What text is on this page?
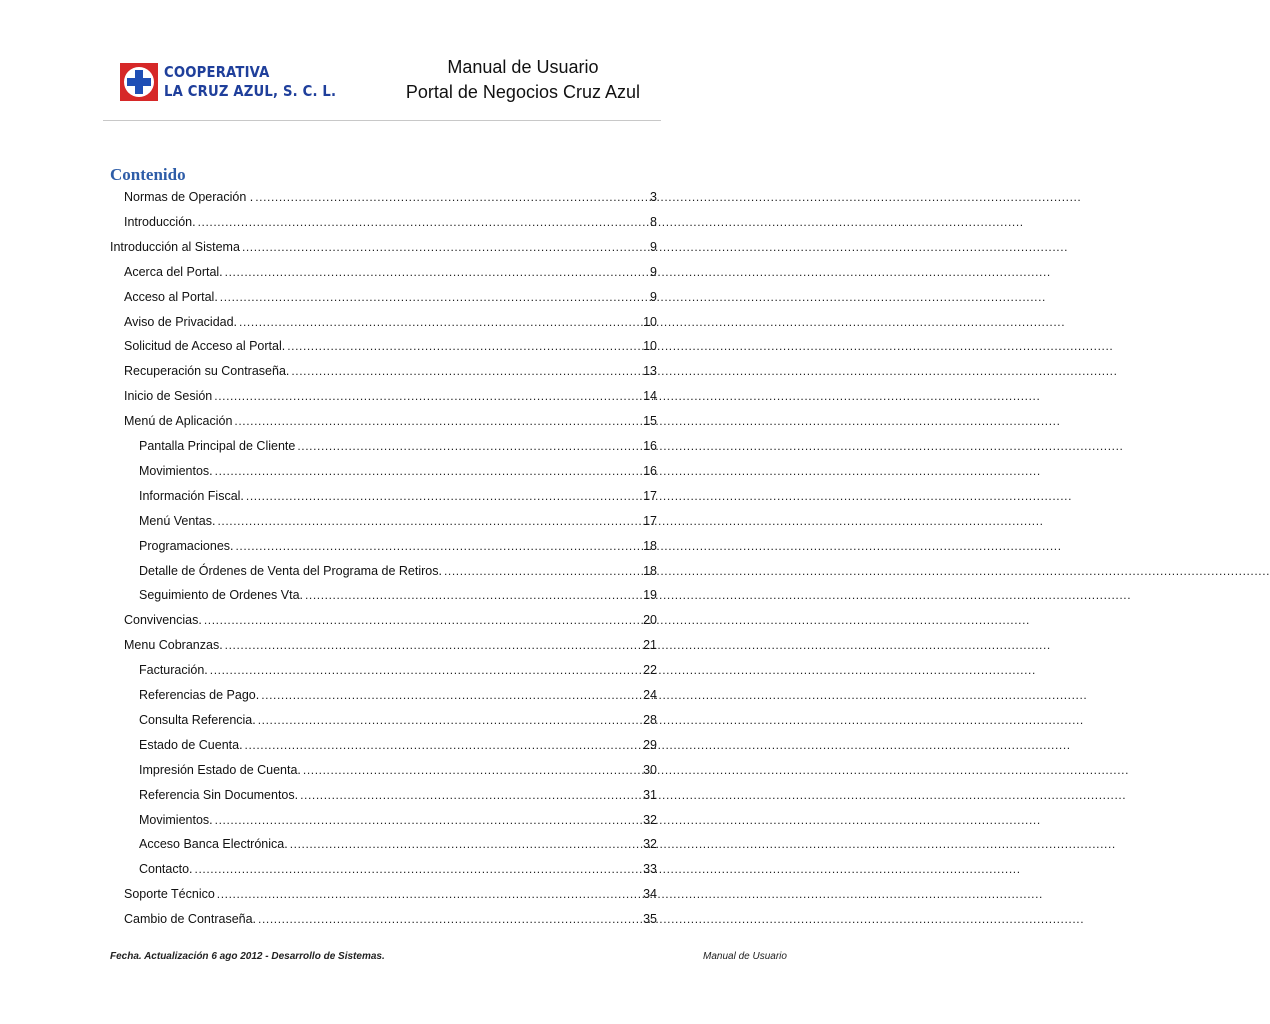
COOPERATIVA
LA CRUZ AZUL, S. C. L.
Manual de Usuario
Portal de Negocios Cruz Azul
Contenido
Normas de Operación . .....	3
Introducción. .....	8
Introducción al Sistema .....	9
Acerca del Portal. .....	9
Acceso al Portal. .....	9
Aviso de Privacidad. .....	10
Solicitud de Acceso al Portal. .....	10
Recuperación su Contraseña. .....	13
Inicio de Sesión .....	14
Menú de Aplicación .....	15
Pantalla Principal de Cliente .....	16
Movimientos. .....	16
Información Fiscal. .....	17
Menú Ventas. .....	17
Programaciones. .....	18
Detalle de Órdenes de Venta del Programa de Retiros. .....	18
Seguimiento de Ordenes Vta. .....	19
Convivencias. .....	20
Menu Cobranzas. .....	21
Facturación. .....	22
Referencias de Pago. .....	24
Consulta Referencia. .....	28
Estado de Cuenta. .....	29
Impresión Estado de Cuenta. .....	30
Referencia Sin Documentos. .....	31
Movimientos. .....	32
Acceso Banca Electrónica. .....	32
Contacto. .....	33
Soporte Técnico .....	34
Cambio de Contraseña. .....	35
Fecha. Actualización 6 ago 2012 - Desarrollo de Sistemas.	Manual de Usuario
